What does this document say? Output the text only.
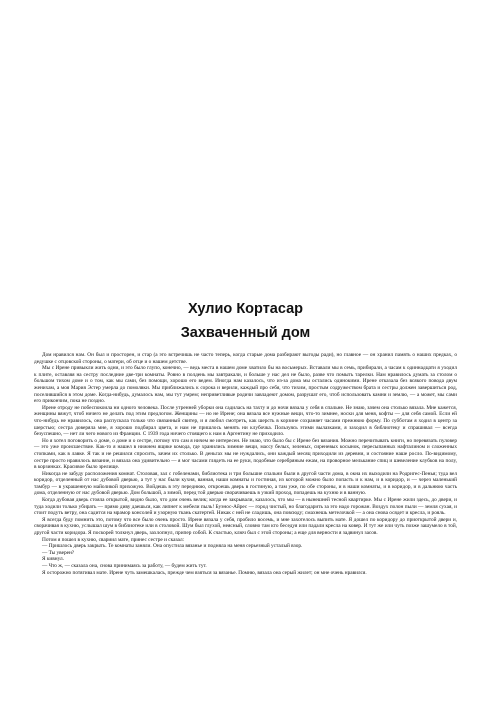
Хулио Кортасар
Захваченный дом

Дом нравился нам. Он был и просторен, и стар (а это встречишь не часто теперь, когда старые дома разбирают выгоды ради), но главное — он хранил память о наших предках, о дедушке с отцовской стороны, о матери, об отце и о нашем детстве.

Мы с Ирене привыкли жить одни, и это было глупо, конечно, — ведь места в нашем доме хватило бы на восьмерых. Вставали мы в семь, прибирали, а часам к одиннадцати я уходил к плите, оставляя на сестру последние две-три комнаты. Ровно в полдень мы завтракали, и больше у нас дел не было, разве что помыть тарелки. Нам нравилось думать за столом о большом тихом доме и о том, как мы сами, без помощи, хорошо его ведем. Иногда нам казалось, что из-за дома мы остались одинокими. Ирене отказала без всякого повода двум женихам, а моя Мария Эстер умерла до помолвки. Мы приближались к сорока и верили, каждый про себя, что тихим, простым содружеством брата и сестры должен завершиться род, поселившийся в этом доме. Когда-нибудь, думалось нам, мы тут умрем; неприветливые родичи завладеют домом, разрушат его, чтоб использовать камни и землю, — а может, мы сами его прикончим, пока не поздно.

Ирене отроду не побеспокоила ни одного человека. После утренней уборки она садилась на тахту и до ночи вязала у себя в спальне. Не знаю, зачем она столько вязала. Мне кажется, женщины вяжут, чтоб ничего не делать под этим предлогом. Женщины — но не Ирене; она вязала все нужные вещи, что-то зимнее, носки для меня, кофты — для себя самой. Если ей что-нибудь не нравилось, она распускала только что связанный свитер, и я любил смотреть, как шерсть в корзине сохраняет часами прежнюю форму. По субботам я ходил в центр за шерстью; сестра доверяла мне, я хорошо подбирал цвета, и нам не пришлось менять ни клубочка. Пользуясь этими вылазками, я заходил в библиотеку и спрашивал — всегда безуспешно, — нет ли чего нового из Франции. С 1939 года ничего стоящего к нам в Аргентину не приходило.

Но я хотел поговорить о доме, о доме и о сестре, потому что сам я ничем не интересен. Не знаю, что было бы с Ирене без вязания. Можно перечитывать книги, но перевязать пуловер — это уже происшествие. Как-то я нашел в нижнем ящике комода, где хранились зимние вещи, массу белых, зеленых, сиреневых косынок, пересыпанных нафталином и сложенных стопками, как в лавке. Я так и не решился спросить, зачем их столько. В деньгах мы не нуждались, они каждый месяц приходили из деревни, и состояние наше росло. По-видимому, сестре просто нравилось вязание, и вязала она удивительно — я мог часами глядеть на ее руки, подобные серебряным ежам, на проворное мелькание спиц и шевеление клубков на полу, в корзинках. Красивое было зрелище.

Никогда не забуду расположения комнат. Столовая, зал с гобеленами, библиотека и три большие спальни были в другой части дома, в окна их выходили на Родригес-Пенья; туда вел коридор, отделенный от нас дубовой дверью, а тут у нас были кухня, ванная, наши комнаты и гостиная, из которой можно было попасть и к нам, и в коридор, и — через маленький тамбур — в украшенную майоликой прихожую. Войдешь в эту переднюю, откроешь дверь в гостиную, а там уже, по обе стороны, и в наши комнаты, и в коридор, и в дальнюю часть дома, отделенную от нас дубовой дверью. Дом большой, а зимой, перед той дверью сворачиваешь в узкий проход, попадешь на кухню и в ванную.

Когда дубовая дверь стояла открытой, видно было, что дом очень велик; когда ее закрывали, казалось, что мы — в нынешней тесной квартирке. Мы с Ирене жили здесь, до двери, и туда ходили только убирать — прямо диву даешься, как липнет к мебели пыль! Буэнос-Айрес — город чистый, но благодарить за это надо горожан. Воздух полон пыли — земля сухая, и стоит подуть ветру, она садится на мрамор консолей и узорную ткань скатертей. Никак с ней не сладишь, она повсюду; смахнешь метелочкой — а она снова осядет и кресла, и рояль.

Я всегда буду помнить это, потому что все было очень просто. Ирене вязала у себя, пробило восемь, и мне захотелось выпить мате. Я дошел по коридору до приоткрытой двери и, сворачивая в кухню, услышал шум в библиотеке или в столовой. Шум был глухой, неясный, словно там кто беседуя или падали кресла на ковер. И тут же или чуть позже зашумело в той, другой части коридора. Я поскорей толкнул дверь, захлопнул, припер собой. К счастью, ключ был с этой стороны; а еще для верности я задвинул засов.

Потом я пошел в кухню, свариил мате, принес сестре и сказал:

— Пришлось дверь закрыть. Те комнаты заняли. Она опустила вязанье и подняла на меня серьезный усталый взор.

— Ты уверен?

Я кивнул.

— Что ж, — сказала она, снова принимаясь за работу, — будем жить тут.

Я осторожно потягивал мате. Ирене чуть замешкалась, прежде чем взяться за вязанье. Помню, вязала она серый жилет; он мне очень нравился.
